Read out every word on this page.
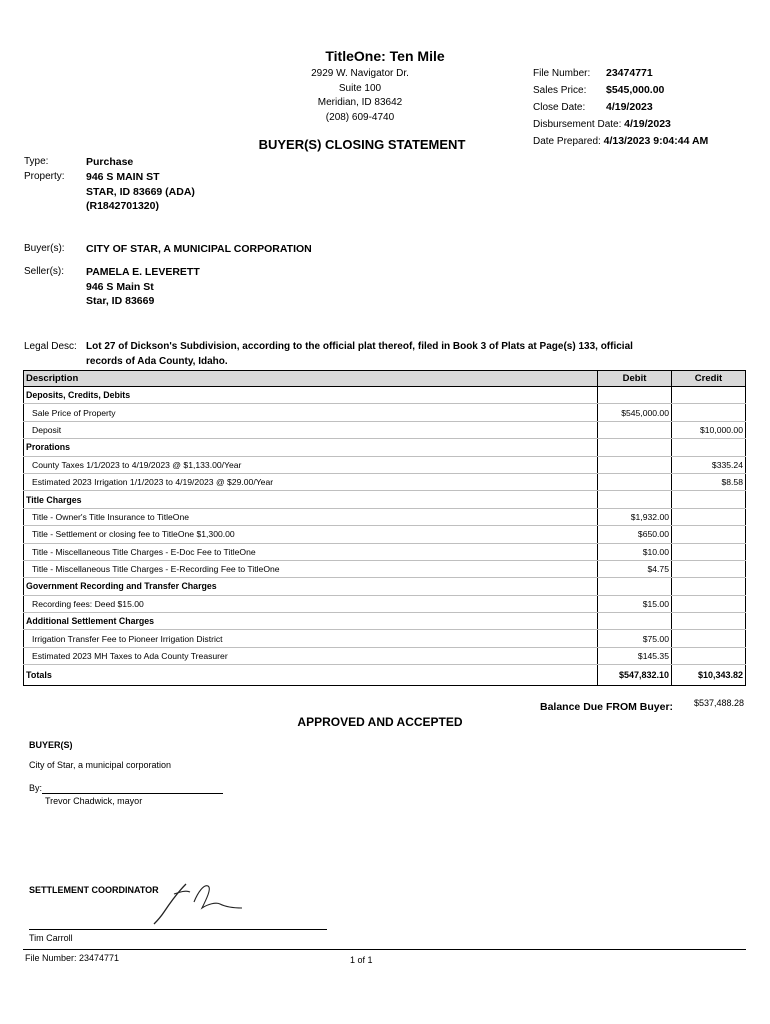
TitleOne: Ten Mile
2929 W. Navigator Dr.
Suite 100
Meridian, ID 83642
(208) 609-4740
BUYER(S) CLOSING STATEMENT
File Number: 23474771
Sales Price: $545,000.00
Close Date: 4/19/2023
Disbursement Date: 4/19/2023
Date Prepared: 4/13/2023 9:04:44 AM
Type:	Purchase
Property: 946 S MAIN ST
STAR, ID 83669 (ADA)
(R1842701320)
Buyer(s): CITY OF STAR, A MUNICIPAL CORPORATION
Seller(s): PAMELA E. LEVERETT
946 S Main St
Star, ID 83669
Legal Desc: Lot 27 of Dickson's Subdivision, according to the official plat thereof, filed in Book 3 of Plats at Page(s) 133, official
records of Ada County, Idaho.
Description	Debit	Credit
Deposits, Credits, Debits		
Sale Price of Property	$545,000.00	
Deposit		$10,000.00
Prorations		
County Taxes 1/1/2023 to 4/19/2023 @ $1,133.00/Year		$335.24
Estimated 2023 Irrigation 1/1/2023 to 4/19/2023 @ $29.00/Year		$8.58
Title Charges		
Title - Owner's Title Insurance to TitleOne	$1,932.00	
Title - Settlement or closing fee to TitleOne $1,300.00	$650.00	
Title - Miscellaneous Title Charges - E-Doc Fee to TitleOne	$10.00	
Title - Miscellaneous Title Charges - E-Recording Fee to TitleOne	$4.75	
Government Recording and Transfer Charges		
Recording fees: Deed $15.00	$15.00	
Additional Settlement Charges		
Irrigation Transfer Fee to Pioneer Irrigation District	$75.00	
Estimated 2023 MH Taxes to Ada County Treasurer	$145.35	
Totals	$547,832.10	$10,343.82
Balance Due FROM Buyer:	$537,488.28
APPROVED AND ACCEPTED
BUYER(S)
City of Star, a municipal corporation
By:
Trevor Chadwick, mayor
SETTLEMENT COORDINATOR
Tim Carroll
File Number: 23474771	1 of 1
